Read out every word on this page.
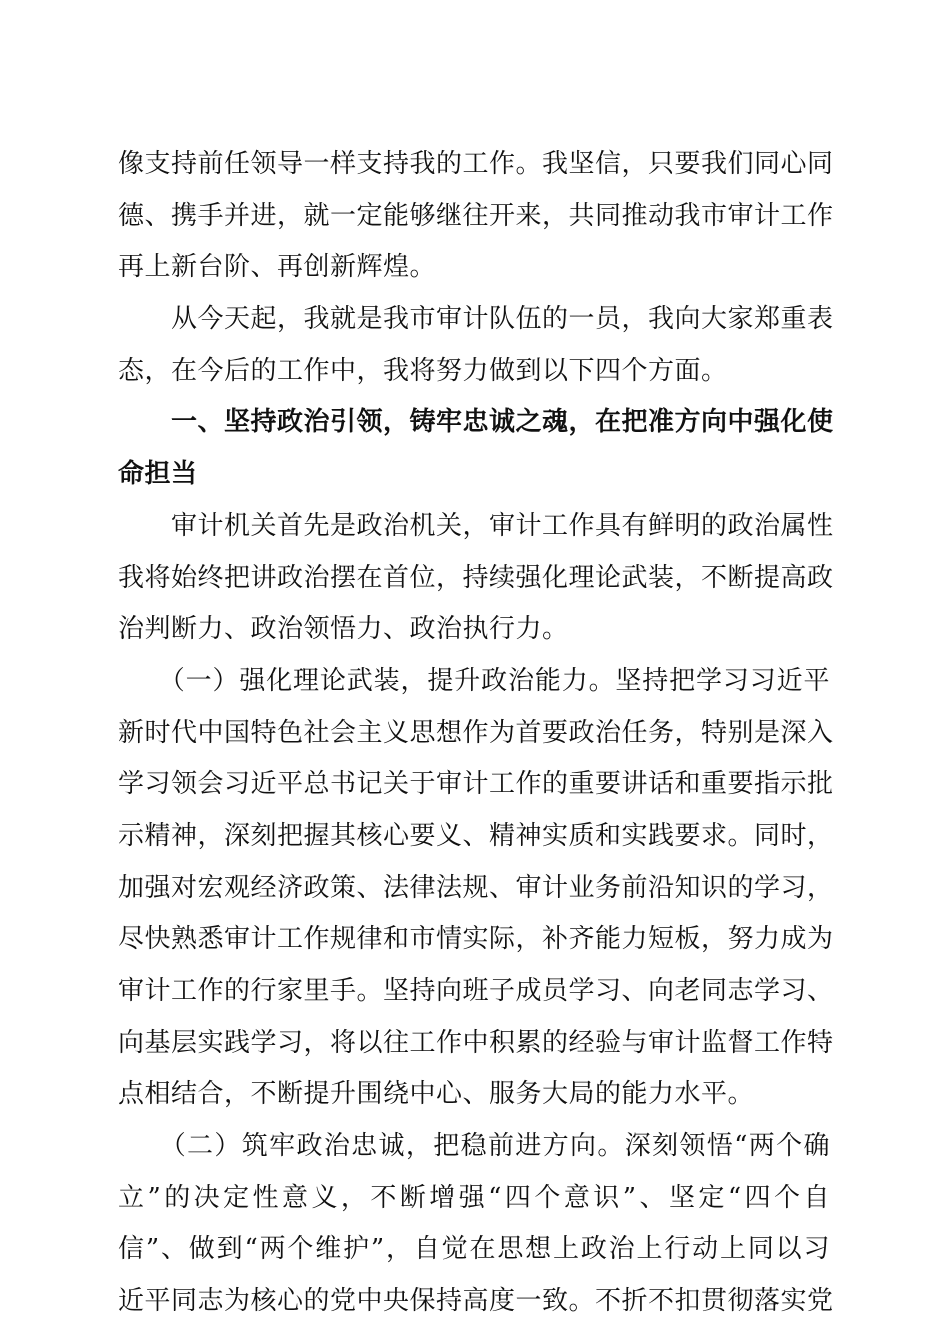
像支持前任领导一样支持我的工作。我坚信，只要我们同心同
德、携手并进，就一定能够继往开来，共同推动我市审计工作
再上新台阶、再创新辉煌。
　　从今天起，我就是我市审计队伍的一员，我向大家郑重表
态，在今后的工作中，我将努力做到以下四个方面。
　　一、坚持政治引领，铸牢忠诚之魂，在把准方向中强化使
命担当
　　审计机关首先是政治机关，审计工作具有鲜明的政治属性
我将始终把讲政治摆在首位，持续强化理论武装，不断提高政
治判断力、政治领悟力、政治执行力。
　　（一）强化理论武装，提升政治能力。坚持把学习习近平
新时代中国特色社会主义思想作为首要政治任务，特别是深入
学习领会习近平总书记关于审计工作的重要讲话和重要指示批
示精神，深刻把握其核心要义、精神实质和实践要求。同时，
加强对宏观经济政策、法律法规、审计业务前沿知识的学习，
尽快熟悉审计工作规律和市情实际，补齐能力短板，努力成为
审计工作的行家里手。坚持向班子成员学习、向老同志学习、
向基层实践学习，将以往工作中积累的经验与审计监督工作特
点相结合，不断提升围绕中心、服务大局的能力水平。
　　（二）筑牢政治忠诚，把稳前进方向。深刻领悟“两个确
立”的决定性意义，不断增强“四个意识”、坚定“四个自
信”、做到“两个维护”，自觉在思想上政治上行动上同以习
近平同志为核心的党中央保持高度一致。不折不扣贯彻落实党
